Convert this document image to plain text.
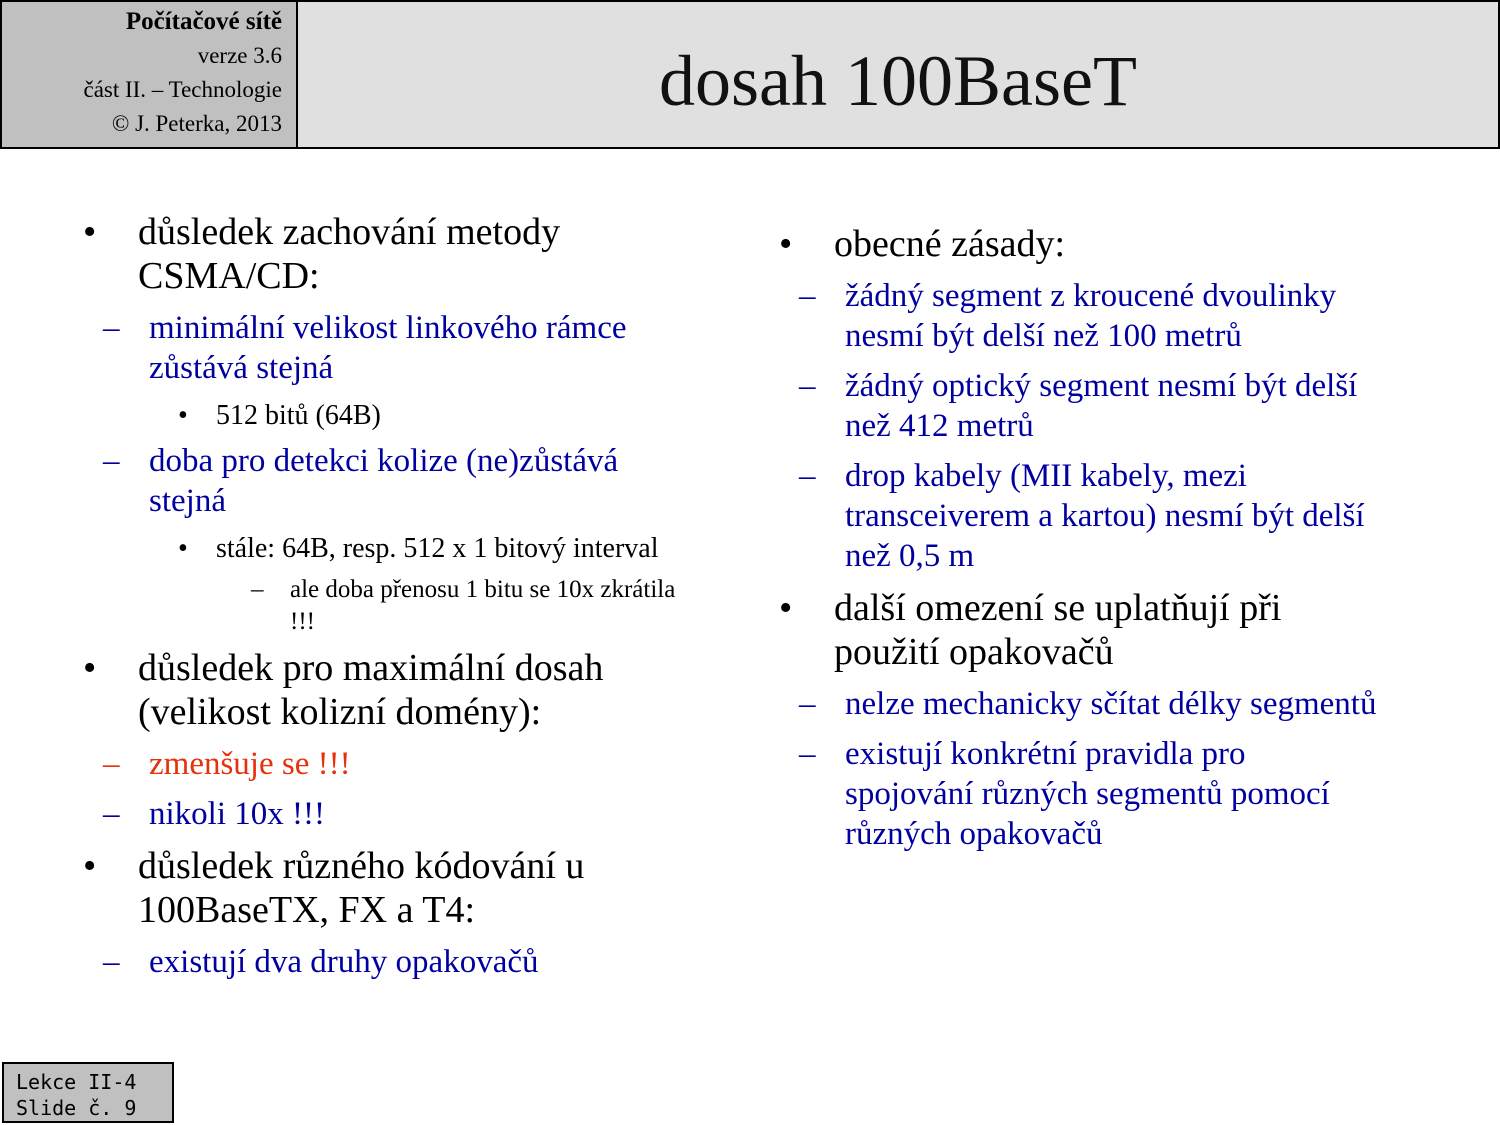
Počítačové sítě
verze 3.6
část II. – Technologie
© J. Peterka, 2013
dosah 100BaseT
• důsledek zachování metody CSMA/CD:
– minimální velikost linkového rámce zůstává stejná
• 512 bitů (64B)
– doba pro detekci kolize (ne)zůstává stejná
• stále: 64B, resp. 512 x 1 bitový interval
– ale doba přenosu 1 bitu se 10x zkrátila !!!
• důsledek pro maximální dosah (velikost kolizní domény):
– zmenšuje se !!!
– nikoli 10x !!!
• důsledek různého kódování u 100BaseTX, FX a T4:
– existují dva druhy opakovačů
• obecné zásady:
– žádný segment z kroucené dvoulinky nesmí být delší než 100 metrů
– žádný optický segment nesmí být delší než 412 metrů
– drop kabely (MII kabely, mezi transceiverem a kartou) nesmí být delší než 0,5 m
• další omezení se uplatňují při použití opakovačů
– nelze mechanicky sčítat délky segmentů
– existují konkrétní pravidla pro spojování různých segmentů pomocí různých opakovačů
Lekce II-4
Slide č. 9
